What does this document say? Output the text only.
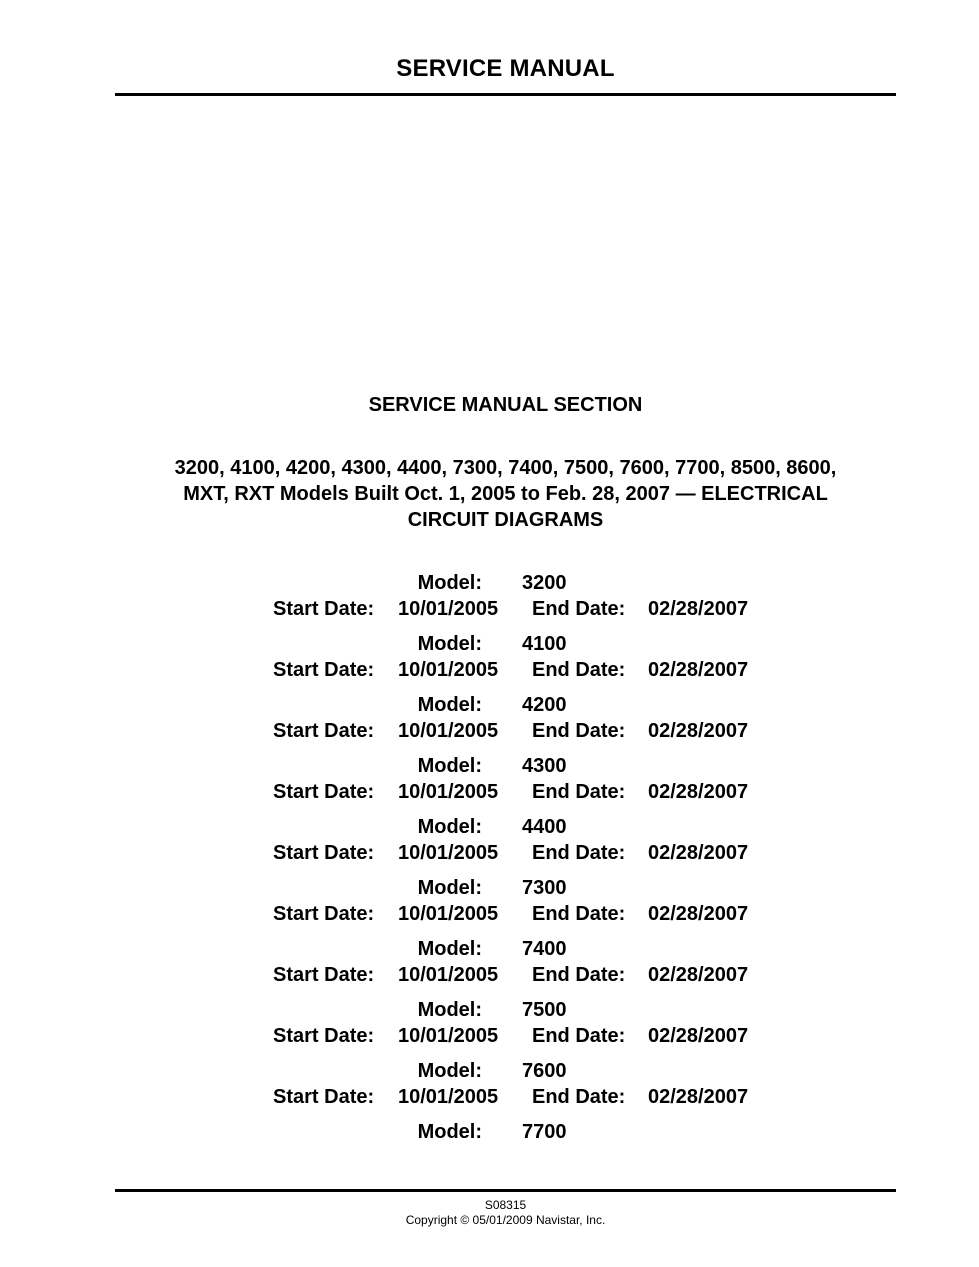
SERVICE MANUAL
SERVICE MANUAL SECTION
3200, 4100, 4200, 4300, 4400, 7300, 7400, 7500, 7600, 7700, 8500, 8600,
MXT, RXT Models Built Oct. 1, 2005 to Feb. 28, 2007 — ELECTRICAL
CIRCUIT DIAGRAMS
Model: 3200
Start Date: 10/01/2005 End Date: 02/28/2007
Model: 4100
Start Date: 10/01/2005 End Date: 02/28/2007
Model: 4200
Start Date: 10/01/2005 End Date: 02/28/2007
Model: 4300
Start Date: 10/01/2005 End Date: 02/28/2007
Model: 4400
Start Date: 10/01/2005 End Date: 02/28/2007
Model: 7300
Start Date: 10/01/2005 End Date: 02/28/2007
Model: 7400
Start Date: 10/01/2005 End Date: 02/28/2007
Model: 7500
Start Date: 10/01/2005 End Date: 02/28/2007
Model: 7600
Start Date: 10/01/2005 End Date: 02/28/2007
Model: 7700
S08315
Copyright © 05/01/2009 Navistar, Inc.
